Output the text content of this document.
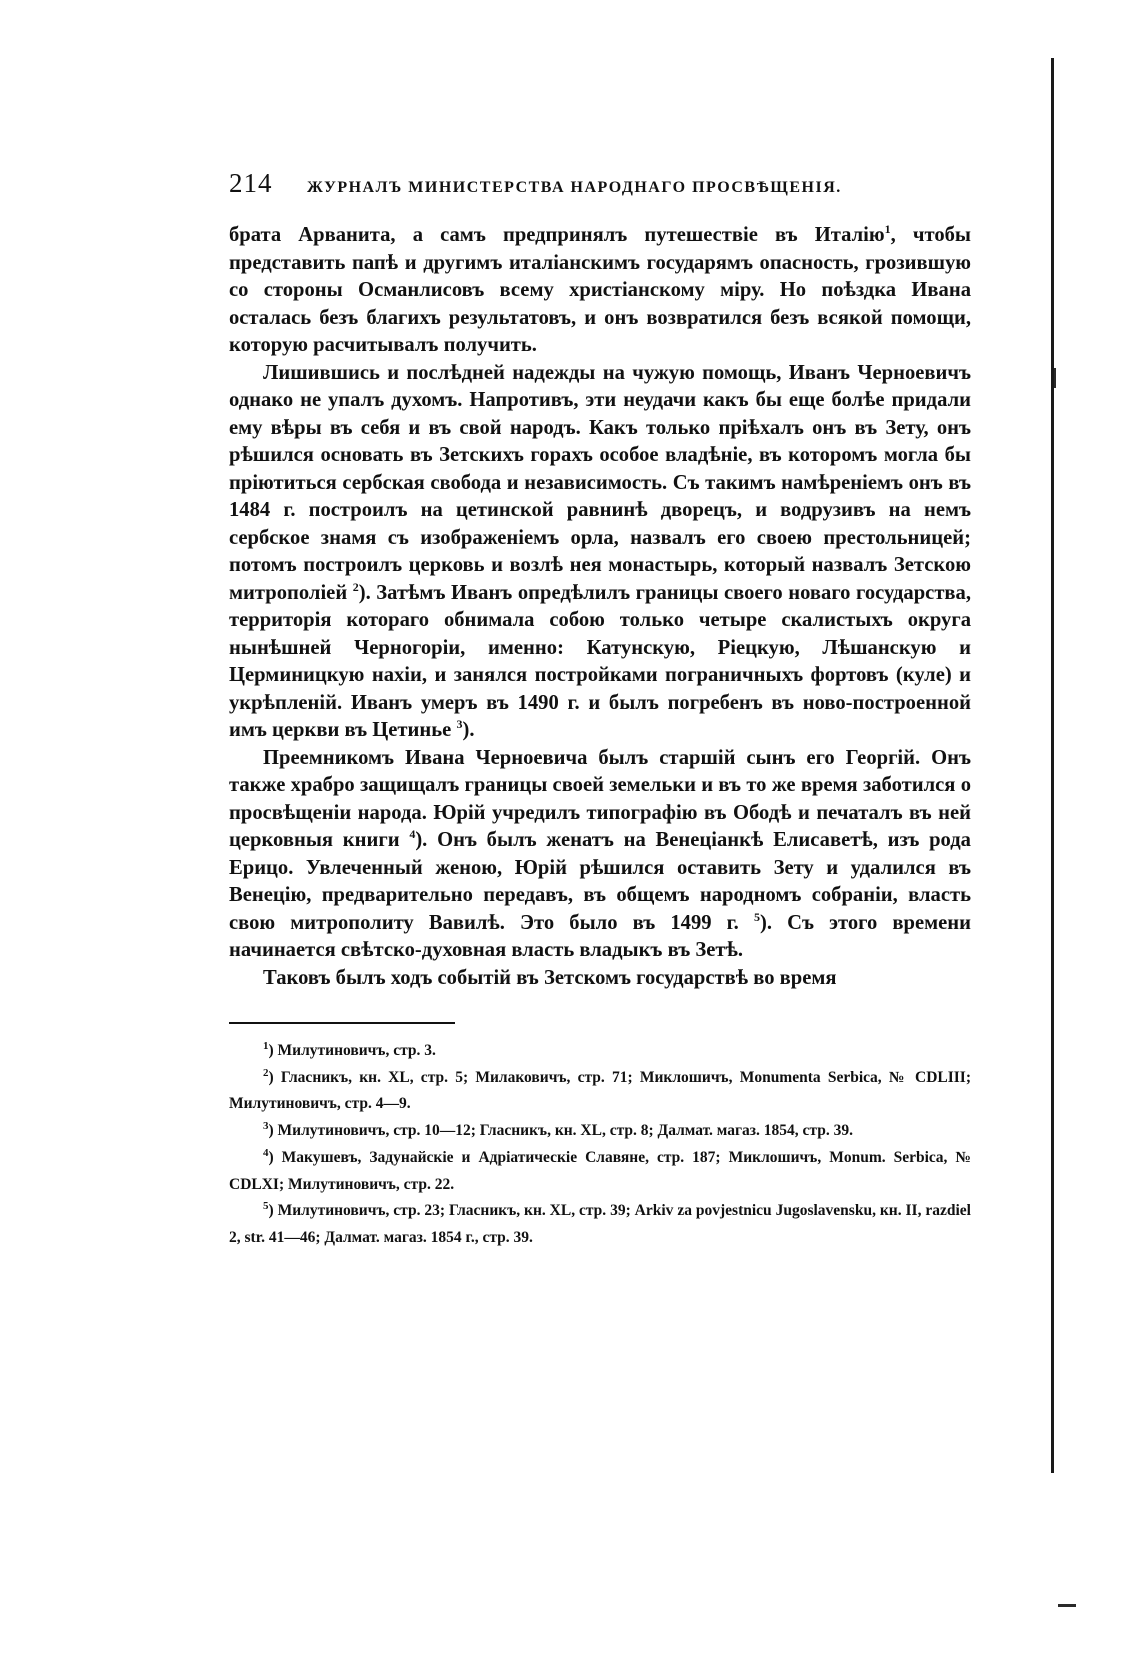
214	ЖУРНАЛЪ МИНИСТЕРСТВА НАРОДНАГО ПРОСВѢЩЕНІЯ.

брата Арванита, а самъ предпринялъ путешествіе въ Италію$^1$, чтобы представить папѣ и другимъ италіанскимъ государямъ опасность, грозившую со стороны Османлисовъ всему христіанскому міру. Но поѣздка Ивана осталась безъ благихъ результатовъ, и онъ возвратился безъ всякой помощи, которую расчитывалъ получить.

Лишившись и послѣдней надежды на чужую помощь, Иванъ Черноевичъ однако не упалъ духомъ. Напротивъ, эти неудачи какъ бы еще болѣе придали ему вѣры въ себя и въ свой народъ. Какъ только пріѣхалъ онъ въ Зету, онъ рѣшился основать въ Зетскихъ горахъ особое владѣніе, въ которомъ могла бы пріютиться сербская свобода и независимость. Съ такимъ намѣреніемъ онъ въ 1484 г. построилъ на цетинской равнинѣ дворецъ, и водрузивъ на немъ сербское знамя съ изображеніемъ орла, назвалъ его своею престольницей; потомъ построилъ церковь и возлѣ нея монастырь, который назвалъ Зетскою митрополіей $^2$). Затѣмъ Иванъ опредѣлилъ границы своего новаго государства, территорія котораго обнимала собою только четыре скалистыхъ округа нынѣшней Черногоріи, именно: Катунскую, Ріецкую, Лѣшанскую и Церминицкую нахіи, и занялся постройками пограничныхъ фортовъ (куле) и укрѣпленій. Иванъ умеръ въ 1490 г. и былъ погребенъ въ ново-построенной имъ церкви въ Цетинье $^3$).

Преемникомъ Ивана Черноевича былъ старшій сынъ его Георгій. Онъ также храбро защищалъ границы своей земельки и въ то же время заботился о просвѣщеніи народа. Юрій учредилъ типографію въ Ободѣ и печаталъ въ ней церковныя книги $^4$). Онъ былъ женатъ на Венеціанкѣ Елисаветѣ, изъ рода Ерицо. Увлеченный женою, Юрій рѣшился оставить Зету и удалился въ Венецію, предварительно передавъ, въ общемъ народномъ собраніи, власть свою митрополиту Вавилѣ. Это было въ 1499 г. $^5$). Съ этого времени начинается свѣтско-духовная власть владыкъ въ Зетѣ.

Таковъ былъ ходъ событій въ Зетскомъ государствѣ во время

$^1$) Милутиновичъ, стр. 3.

$^2$) Гласникъ, кн. XL, стр. 5; Милаковичъ, стр. 71; Миклошичъ, Monumenta Serbica, № CDLIII; Милутиновичъ, стр. 4—9.

$^3$) Милутиновичъ, стр. 10—12; Гласникъ, кн. XL, стр. 8; Далмат. магаз. 1854, стр. 39.

$^4$) Макушевъ, Задунайскіе и Адріатическіе Славяне, стр. 187; Миклошичъ, Monum. Serbica, № CDLXI; Милутиновичъ, стр. 22.

$^5$) Милутиновичъ, стр. 23; Гласникъ, кн. XL, стр. 39; Arkiv za povjestnicu Jugoslavensku, кн. II, razdiel 2, str. 41—46; Далмат. магаз. 1854 г., стр. 39.
